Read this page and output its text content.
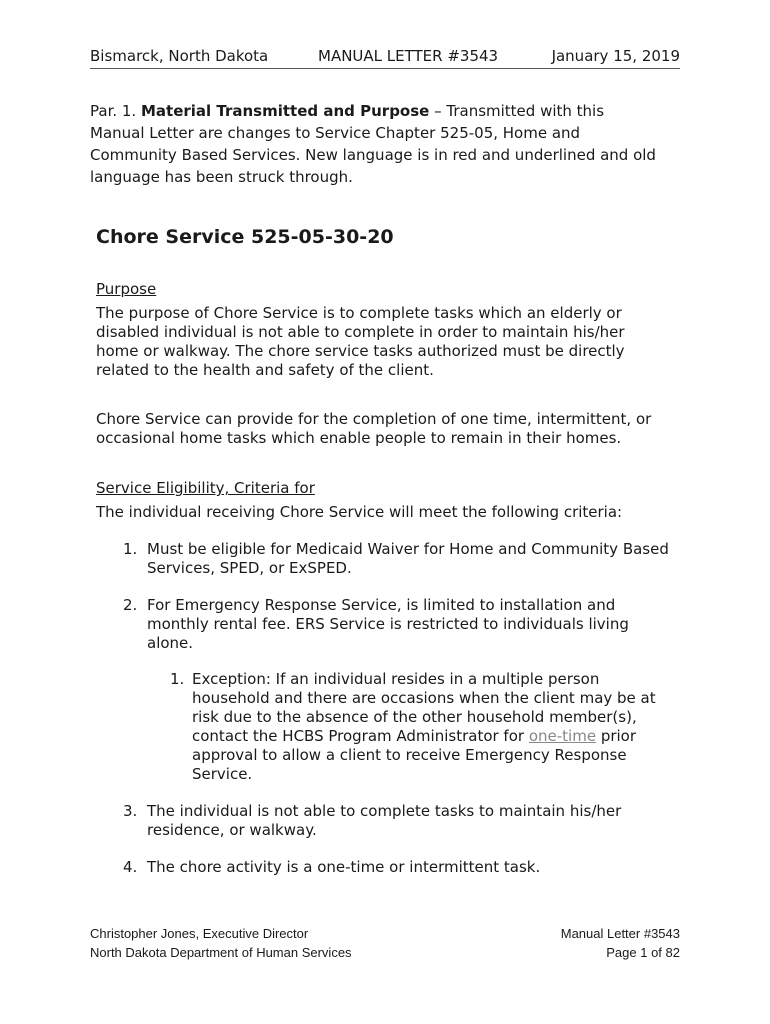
Bismarck, North Dakota	MANUAL LETTER #3543	January 15, 2019
Par. 1. Material Transmitted and Purpose – Transmitted with this
Manual Letter are changes to Service Chapter 525-05, Home and
Community Based Services. New language is in red and underlined and old
language has been struck through.
Chore Service 525-05-30-20
Purpose
The purpose of Chore Service is to complete tasks which an elderly or
disabled individual is not able to complete in order to maintain his/her
home or walkway. The chore service tasks authorized must be directly
related to the health and safety of the client.
Chore Service can provide for the completion of one time, intermittent, or
occasional home tasks which enable people to remain in their homes.
Service Eligibility, Criteria for
The individual receiving Chore Service will meet the following criteria:
1. Must be eligible for Medicaid Waiver for Home and Community Based
Services, SPED, or ExSPED.
2. For Emergency Response Service, is limited to installation and
monthly rental fee. ERS Service is restricted to individuals living
alone.
1. Exception: If an individual resides in a multiple person
household and there are occasions when the client may be at
risk due to the absence of the other household member(s),
contact the HCBS Program Administrator for one-time prior
approval to allow a client to receive Emergency Response
Service.
3. The individual is not able to complete tasks to maintain his/her
residence, or walkway.
4. The chore activity is a one-time or intermittent task.
Christopher Jones, Executive Director
North Dakota Department of Human Services
Manual Letter #3543
Page 1 of 82
